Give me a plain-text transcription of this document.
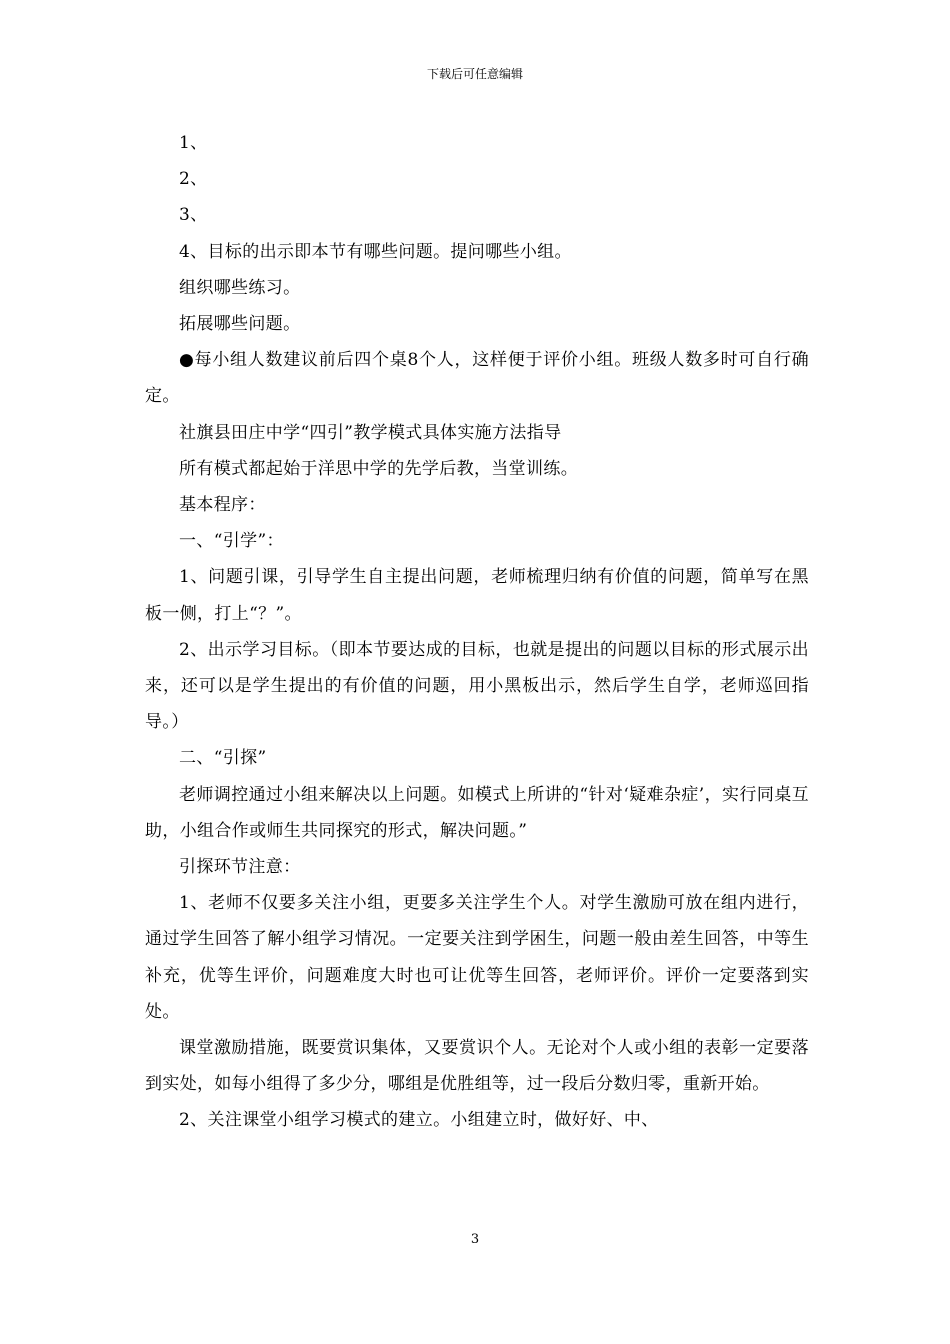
下载后可任意编辑

1、

2、

3、

4、目标的出示即本节有哪些问题。提问哪些小组。

组织哪些练习。

拓展哪些问题。

●每小组人数建议前后四个桌8个人，这样便于评价小组。班级人数多时可自行确定。

社旗县田庄中学“四引”教学模式具体实施方法指导

所有模式都起始于洋思中学的先学后教，当堂训练。

基本程序：

一、“引学”：

1、问题引课，引导学生自主提出问题，老师梳理归纳有价值的问题，简单写在黑板一侧，打上“？”。

2、出示学习目标。（即本节要达成的目标，也就是提出的问题以目标的形式展示出来，还可以是学生提出的有价值的问题，用小黑板出示，然后学生自学，老师巡回指导。）

二、“引探”

老师调控通过小组来解决以上问题。如模式上所讲的“针对‘疑难杂症’，实行同桌互助，小组合作或师生共同探究的形式，解决问题。”

引探环节注意：

1、老师不仅要多关注小组，更要多关注学生个人。对学生激励可放在组内进行，通过学生回答了解小组学习情况。一定要关注到学困生，问题一般由差生回答，中等生补充，优等生评价，问题难度大时也可让优等生回答，老师评价。评价一定要落到实处。

课堂激励措施，既要赏识集体，又要赏识个人。无论对个人或小组的表彰一定要落到实处，如每小组得了多少分，哪组是优胜组等，过一段后分数归零，重新开始。

2、关注课堂小组学习模式的建立。小组建立时，做好好、中、

3
